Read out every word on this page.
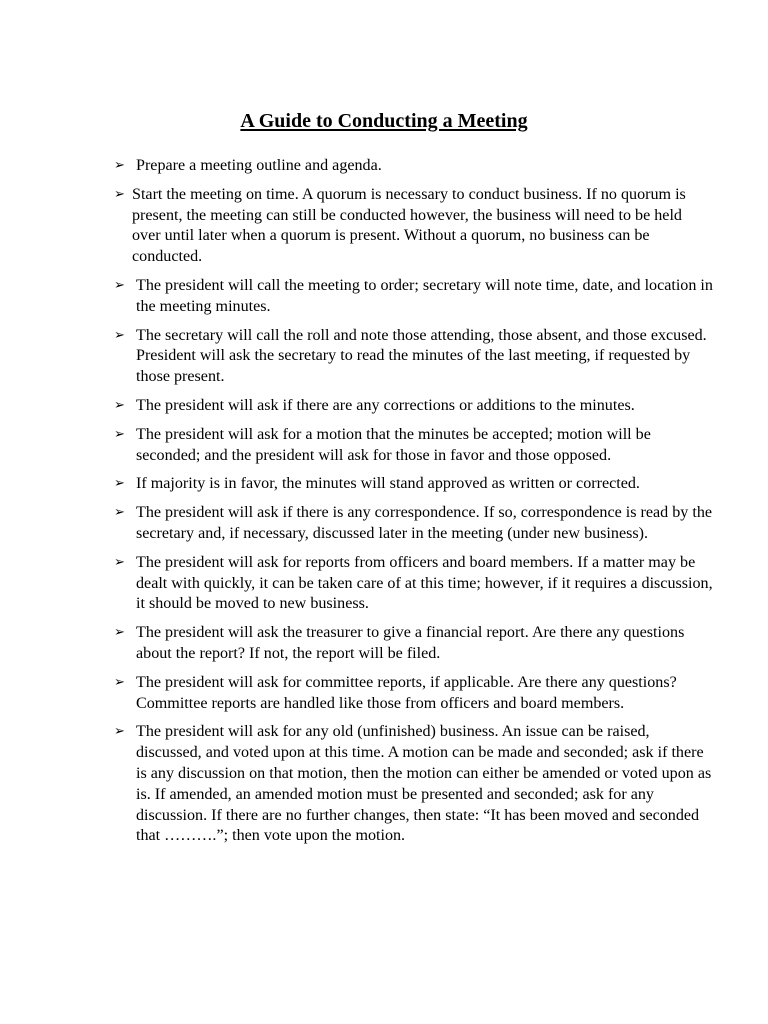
A Guide to Conducting a Meeting
➢ Prepare a meeting outline and agenda.
➢ Start the meeting on time. A quorum is necessary to conduct business. If no quorum is present, the meeting can still be conducted however, the business will need to be held over until later when a quorum is present. Without a quorum, no business can be conducted.
➢ The president will call the meeting to order; secretary will note time, date, and location in the meeting minutes.
➢ The secretary will call the roll and note those attending, those absent, and those excused. President will ask the secretary to read the minutes of the last meeting, if requested by those present.
➢ The president will ask if there are any corrections or additions to the minutes.
➢ The president will ask for a motion that the minutes be accepted; motion will be seconded; and the president will ask for those in favor and those opposed.
➢ If majority is in favor, the minutes will stand approved as written or corrected.
➢ The president will ask if there is any correspondence. If so, correspondence is read by the secretary and, if necessary, discussed later in the meeting (under new business).
➢ The president will ask for reports from officers and board members. If a matter may be dealt with quickly, it can be taken care of at this time; however, if it requires a discussion, it should be moved to new business.
➢ The president will ask the treasurer to give a financial report. Are there any questions about the report? If not, the report will be filed.
➢ The president will ask for committee reports, if applicable. Are there any questions? Committee reports are handled like those from officers and board members.
➢ The president will ask for any old (unfinished) business. An issue can be raised, discussed, and voted upon at this time. A motion can be made and seconded; ask if there is any discussion on that motion, then the motion can either be amended or voted upon as is. If amended, an amended motion must be presented and seconded; ask for any discussion. If there are no further changes, then state: “It has been moved and seconded that ……….”; then vote upon the motion.
